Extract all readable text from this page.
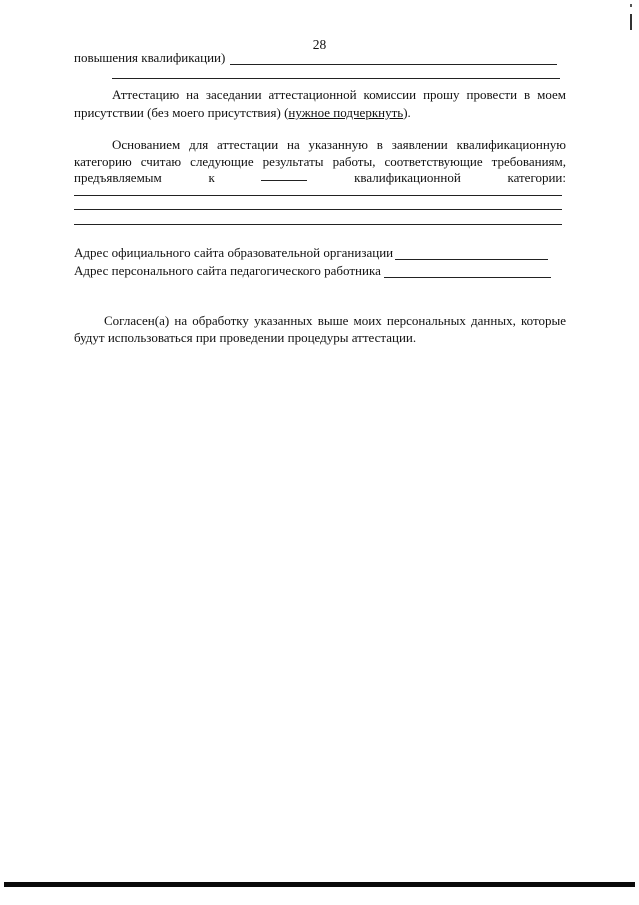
28
повышения квалификации)
Аттестацию на заседании аттестационной комиссии прошу провести в моем
присутствии (без моего присутствия) (нужное подчеркнуть).
Основанием для аттестации на указанную в заявлении квалификационную
категорию считаю следующие результаты работы, соответствующие требованиям,
предъявляемым	к	квалификационной	категории:
Адрес официального сайта образовательной организации
Адрес персонального сайта педагогического работника
Согласен(а) на обработку указанных выше моих персональных данных, которые
будут использоваться при проведении процедуры аттестации.
